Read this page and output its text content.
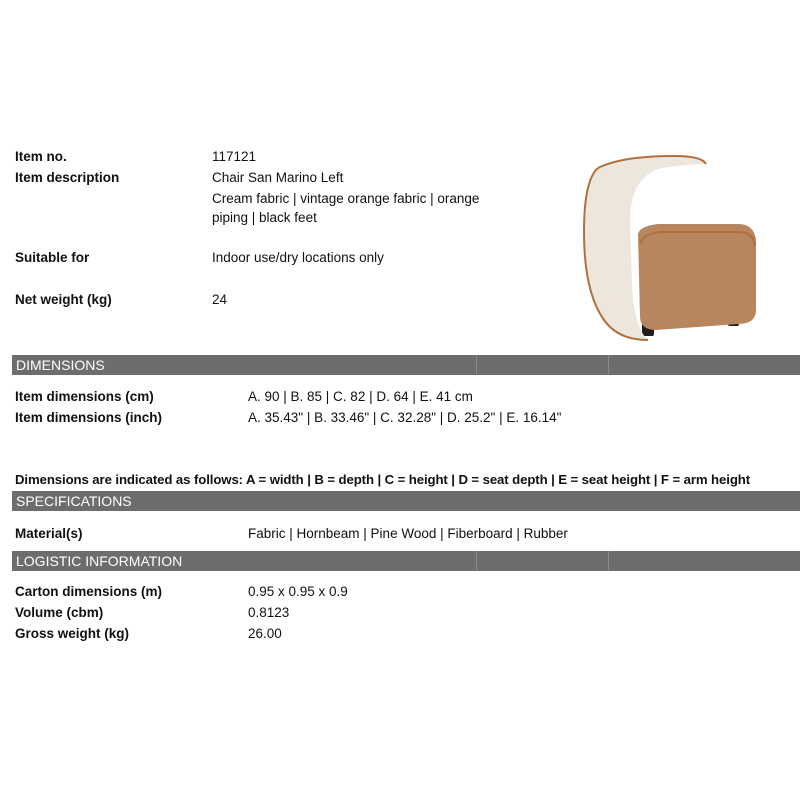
Item no.	117121
Item description	Chair San Marino Left
Cream fabric | vintage orange fabric | orange
piping | black feet
Suitable for	Indoor use/dry locations only
Net weight (kg)	24
DIMENSIONS
Item dimensions (cm)	A. 90 | B. 85 | C. 82 | D. 64 | E. 41 cm
Item dimensions (inch)	A. 35.43" | B. 33.46" | C. 32.28" | D. 25.2" | E. 16.14"
Dimensions are indicated as follows: A = width | B = depth | C = height | D = seat depth | E = seat height | F = arm height
SPECIFICATIONS
Material(s)	Fabric | Hornbeam | Pine Wood | Fiberboard | Rubber
LOGISTIC INFORMATION
Carton dimensions (m)	0.95 x 0.95 x 0.9
Volume (cbm)	0.8123
Gross weight (kg)	26.00
